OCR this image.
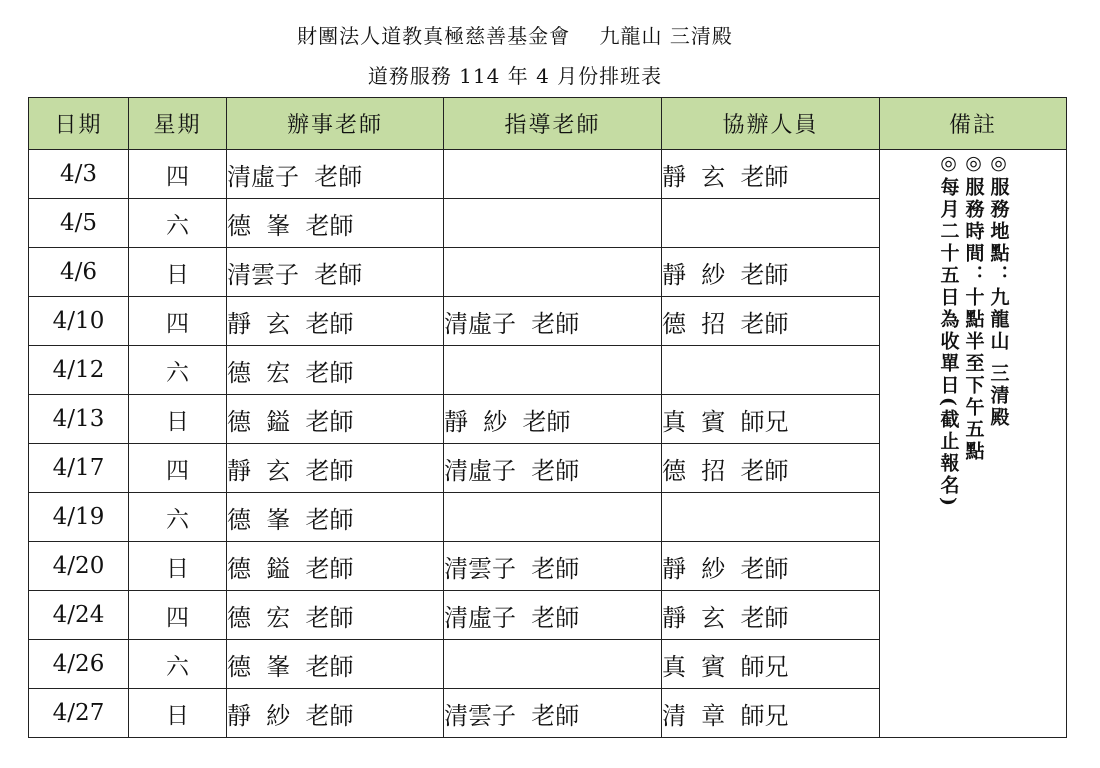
財團法人道教真極慈善基金會    九龍山 三清殿
道務服務 114 年 4 月份排班表
日期	星期	辦事老師	指導老師	協辦人員	備註
4/3	四	清虛子  老師		靜  玄  老師	◎服務地點：九龍山 三清殿
◎服務時間：十點半至下午五點
◎每月二十五日為收單日(截止報名)

4/5	六	德  峯  老師			
4/6	日	清雲子  老師		靜  紗  老師	
4/10	四	靜  玄  老師	清虛子  老師	德  招  老師	
4/12	六	德  宏  老師			
4/13	日	德  鎰  老師	靜  紗  老師	真  賓  師兄	
4/17	四	靜  玄  老師	清虛子  老師	德  招  老師	
4/19	六	德  峯  老師			
4/20	日	德  鎰  老師	清雲子  老師	靜  紗  老師	
4/24	四	德  宏  老師	清虛子  老師	靜  玄  老師	
4/26	六	德  峯  老師		真  賓  師兄	
4/27	日	靜  紗  老師	清雲子  老師	清  章  師兄	
